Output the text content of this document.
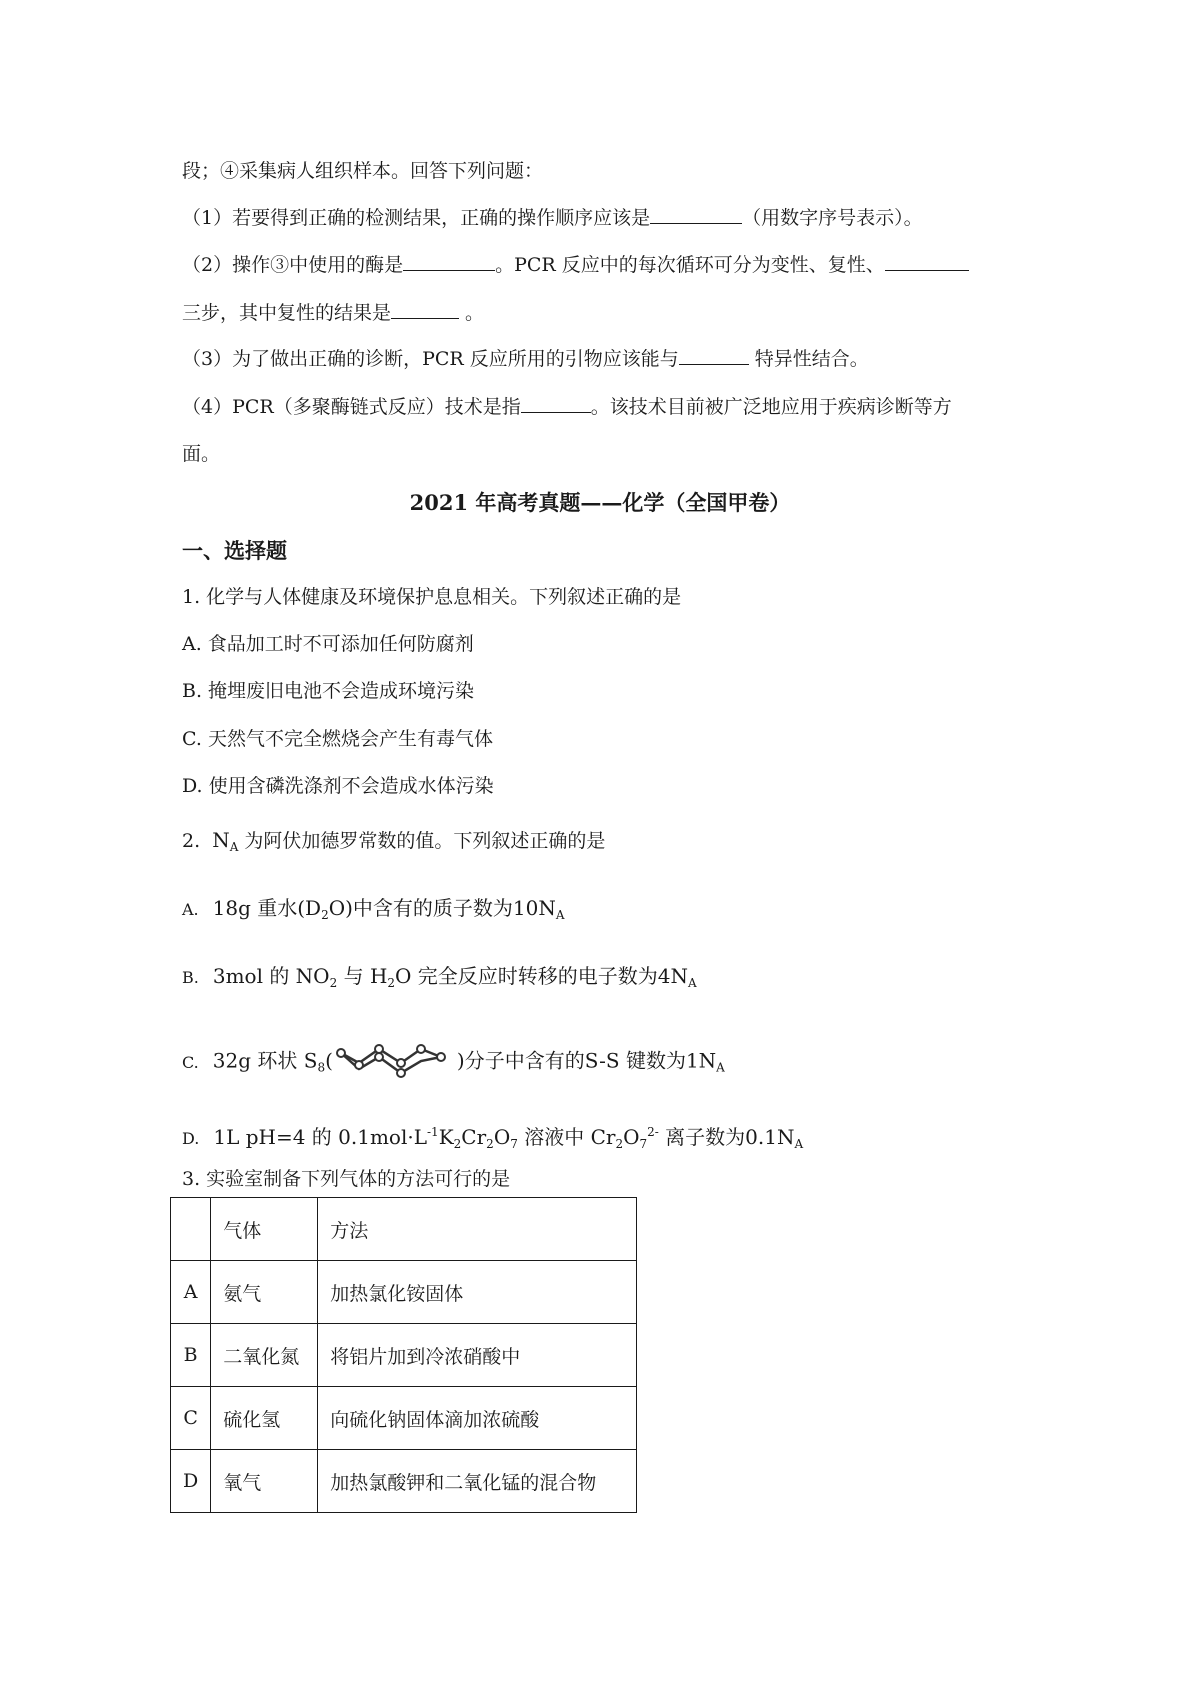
段；④采集病人组织样本。回答下列问题：
（1）若要得到正确的检测结果，正确的操作顺序应该是	（用数字序号表示）。
（2）操作③中使用的酶是	。PCR 反应中的每次循环可分为变性、复性、
三步，其中复性的结果是	。
（3）为了做出正确的诊断，PCR 反应所用的引物应该能与	特异性结合。
（4）PCR（多聚酶链式反应）技术是指	。该技术目前被广泛地应用于疾病诊断等方
面。
2021 年高考真题——化学（全国甲卷）
一、选择题
1. 化学与人体健康及环境保护息息相关。下列叙述正确的是
A. 食品加工时不可添加任何防腐剂
B. 掩埋废旧电池不会造成环境污染
C. 天然气不完全燃烧会产生有毒气体
D. 使用含磷洗涤剂不会造成水体污染
2. $N_A$ 为阿伏加德罗常数的值。下列叙述正确的是
A. 18g 重水$(D_2O)$中含有的质子数为$10N_A$
B. 3mol 的 $NO_2$ 与 $H_2O$ 完全反应时转移的电子数为$4N_A$
C. 32g 环状 $S_8$(	)分子中含有的S-S 键数为$1N_A$
D. 1L pH=4 的 $0.1mol\cdot L^{-1}K_2Cr_2O_7$ 溶液中 $Cr_2O_7^{2-}$ 离子数为$0.1N_A$
3. 实验室制备下列气体的方法可行的是
	气体	方法
A	氨气	加热氯化铵固体
B	二氧化氮	将铝片加到冷浓硝酸中
C	硫化氢	向硫化钠固体滴加浓硫酸
D	氧气	加热氯酸钾和二氧化锰的混合物
